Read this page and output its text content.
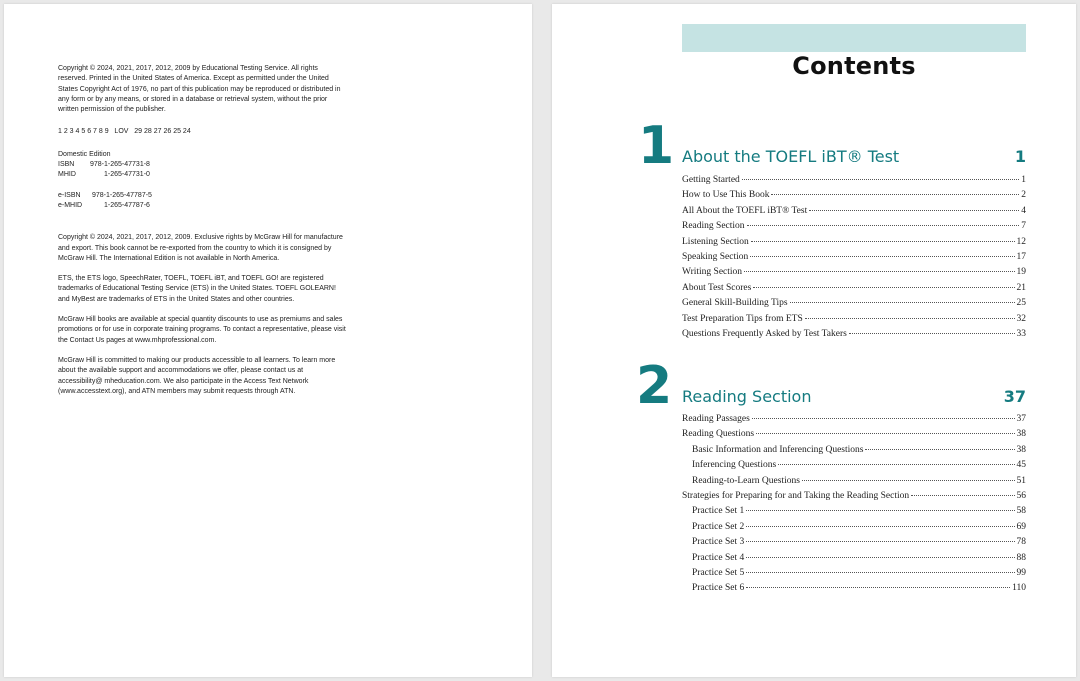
Copyright © 2024, 2021, 2017, 2012, 2009 by Educational Testing Service. All rights reserved. Printed in the United States of America. Except as permitted under the United States Copyright Act of 1976, no part of this publication may be reproduced or distributed in any form or by any means, or stored in a database or retrieval system, without the prior written permission of the publisher.

1 2 3 4 5 6 7 8 9   LOV   29 28 27 26 25 24

Domestic Edition

ISBN	978-1-265-47731-8
MHID	1-265-47731-0
e-ISBN	978-1-265-47787-5
e-MHID	1-265-47787-6

Copyright © 2024, 2021, 2017, 2012, 2009. Exclusive rights by McGraw Hill for manufacture and export. This book cannot be re-exported from the country to which it is consigned by McGraw Hill. The International Edition is not available in North America.

ETS, the ETS logo, SpeechRater, TOEFL, TOEFL iBT, and TOEFL GO! are registered trademarks of Educational Testing Service (ETS) in the United States. TOEFL GOLEARN! and MyBest are trademarks of ETS in the United States and other countries.

McGraw Hill books are available at special quantity discounts to use as premiums and sales promotions or for use in corporate training programs. To contact a representative, please visit the Contact Us pages at www.mhprofessional.com.

McGraw Hill is committed to making our products accessible to all learners. To learn more about the available support and accommodations we offer, please contact us at accessibility@ mheducation.com. We also participate in the Access Text Network (www.accesstext.org), and ATN members may submit requests through ATN.

Contents
1 About the TOEFL iBT® Test	1
Getting Started	1
How to Use This Book	2
All About the TOEFL iBT® Test	4
Reading Section	7
Listening Section	12
Speaking Section	17
Writing Section	19
About Test Scores	21
General Skill-Building Tips	25
Test Preparation Tips from ETS	32
Questions Frequently Asked by Test Takers	33
2 Reading Section	37
Reading Passages	37
Reading Questions	38
Basic Information and Inferencing Questions	38
Inferencing Questions	45
Reading-to-Learn Questions	51
Strategies for Preparing for and Taking the Reading Section	56
Practice Set 1	58
Practice Set 2	69
Practice Set 3	78
Practice Set 4	88
Practice Set 5	99
Practice Set 6	110
